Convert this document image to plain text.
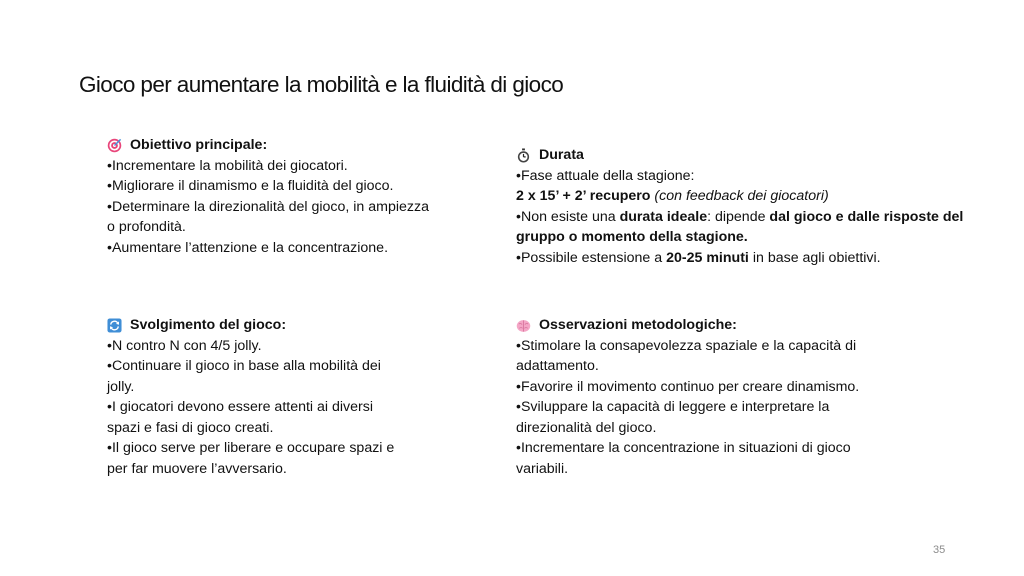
Gioco per aumentare la mobilità e la fluidità di gioco
Obiettivo principale:
•Incrementare la mobilità dei giocatori.
•Migliorare il dinamismo e la fluidità del gioco.
•Determinare la direzionalità del gioco, in ampiezza
o profondità.
•Aumentare l’attenzione e la concentrazione.
Durata
•Fase attuale della stagione:
2 x 15’ + 2’ recupero (con feedback dei giocatori)
•Non esiste una durata ideale: dipende dal gioco e dalle risposte del
gruppo o momento della stagione.
•Possibile estensione a 20-25 minuti in base agli obiettivi.
Svolgimento del gioco:
•N contro N con 4/5 jolly.
•Continuare il gioco in base alla mobilità dei
jolly.
•I giocatori devono essere attenti ai diversi
spazi e fasi di gioco creati.
•Il gioco serve per liberare e occupare spazi e
per far muovere l’avversario.
Osservazioni metodologiche:
•Stimolare la consapevolezza spaziale e la capacità di
adattamento.
•Favorire il movimento continuo per creare dinamismo.
•Sviluppare la capacità di leggere e interpretare la
direzionalità del gioco.
•Incrementare la concentrazione in situazioni di gioco
variabili.
35
